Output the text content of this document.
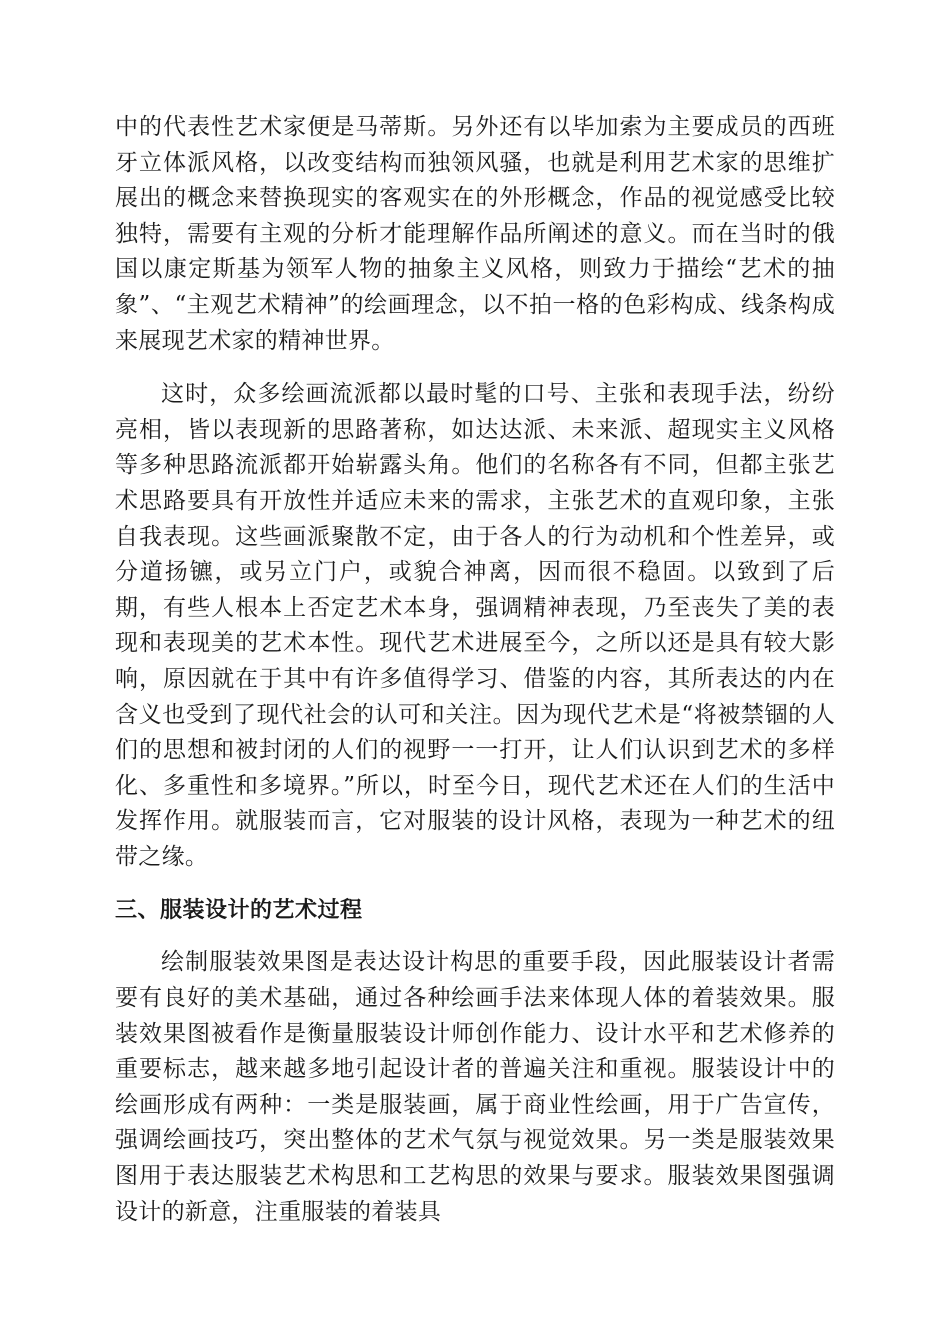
中的代表性艺术家便是马蒂斯。另外还有以毕加索为主要成员的西班牙立体派风格，以改变结构而独领风骚，也就是利用艺术家的思维扩展出的概念来替换现实的客观实在的外形概念，作品的视觉感受比较独特，需要有主观的分析才能理解作品所阐述的意义。而在当时的俄国以康定斯基为领军人物的抽象主义风格，则致力于描绘“艺术的抽象”、“主观艺术精神”的绘画理念，以不拍一格的色彩构成、线条构成来展现艺术家的精神世界。

这时，众多绘画流派都以最时髦的口号、主张和表现手法，纷纷亮相，皆以表现新的思路著称，如达达派、未来派、超现实主义风格等多种思路流派都开始崭露头角。他们的名称各有不同，但都主张艺术思路要具有开放性并适应未来的需求，主张艺术的直观印象，主张自我表现。这些画派聚散不定，由于各人的行为动机和个性差异，或分道扬镳，或另立门户，或貌合神离，因而很不稳固。以致到了后期，有些人根本上否定艺术本身，强调精神表现，乃至丧失了美的表现和表现美的艺术本性。现代艺术进展至今，之所以还是具有较大影响，原因就在于其中有许多值得学习、借鉴的内容，其所表达的内在含义也受到了现代社会的认可和关注。因为现代艺术是“将被禁锢的人们的思想和被封闭的人们的视野一一打开，让人们认识到艺术的多样化、多重性和多境界。”所以，时至今日，现代艺术还在人们的生活中发挥作用。就服装而言，它对服装的设计风格，表现为一种艺术的纽带之缘。

三、服装设计的艺术过程

绘制服装效果图是表达设计构思的重要手段，因此服装设计者需要有良好的美术基础，通过各种绘画手法来体现人体的着装效果。服装效果图被看作是衡量服装设计师创作能力、设计水平和艺术修养的重要标志，越来越多地引起设计者的普遍关注和重视。服装设计中的绘画形成有两种：一类是服装画，属于商业性绘画，用于广告宣传，强调绘画技巧，突出整体的艺术气氛与视觉效果。另一类是服装效果图用于表达服装艺术构思和工艺构思的效果与要求。服装效果图强调设计的新意，注重服装的着装具
